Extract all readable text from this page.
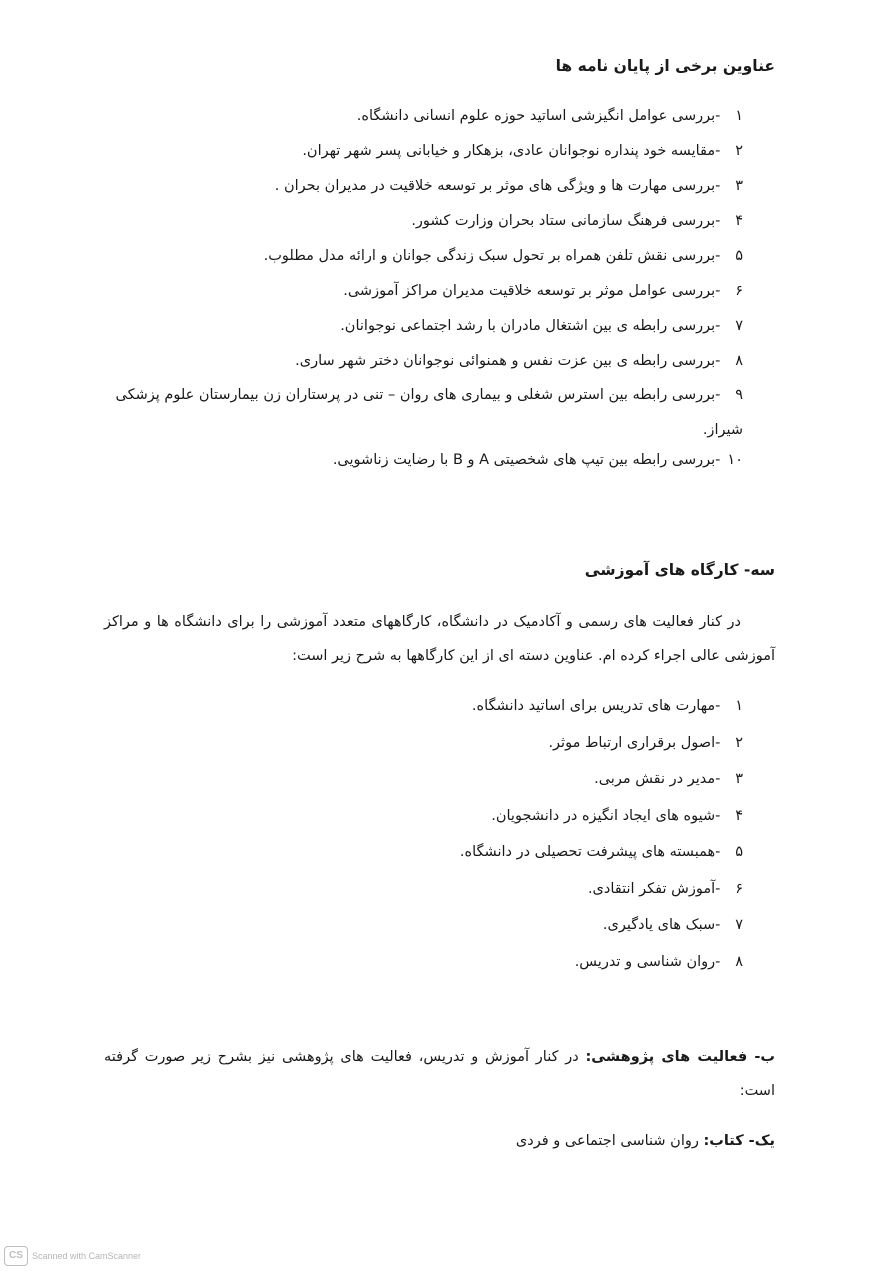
عناوین برخی از پایان نامه ها
۱ -بررسی عوامل انگیزشی اساتید حوزه علوم انسانی دانشگاه.
۲ -مقایسه خود پنداره نوجوانان عادی، بزهکار و خیابانی پسر شهر تهران.
۳ -بررسی مهارت ها و ویژگی های موثر بر توسعه خلاقیت در مدیران بحران .
۴ -بررسی فرهنگ سازمانی ستاد بحران وزارت کشور.
۵ -بررسی نقش تلفن همراه بر تحول سبک زندگی جوانان و ارائه مدل مطلوب.
۶ -بررسی عوامل موثر بر توسعه خلاقیت مدیران مراکز آموزشی.
۷ -بررسی رابطه ی بین اشتغال مادران با رشد اجتماعی نوجوانان.
۸ -بررسی رابطه ی بین عزت نفس و همنوائی نوجوانان دختر شهر ساری.
۹ -بررسی رابطه بین استرس شغلی و بیماری های روان – تنی در پرستاران زن بیمارستان علوم پزشکی شیراز.
۱۰ -بررسی رابطه بین تیپ های شخصیتی A و B با رضایت زناشویی.
سه- کارگاه های آموزشی

در کنار فعالیت های رسمی و آکادمیک در دانشگاه، کارگاههای متعدد آموزشی را برای دانشگاه ها و مراکز آموزشی عالی اجراء کرده ام. عناوین دسته ای از این کارگاهها به شرح زیر است:

۱ -مهارت های تدریس برای اساتید دانشگاه.
۲ -اصول برقراری ارتباط موثر.
۳ -مدیر در نقش مربی.
۴ -شیوه های ایجاد انگیزه در دانشجویان.
۵ -همبسته های پیشرفت تحصیلی در دانشگاه.
۶ -آموزش تفکر انتقادی.
۷ -سبک های یادگیری.
۸ -روان شناسی و تدریس.

ب- فعالیت های پژوهشی: در کنار آموزش و تدریس، فعالیت های پژوهشی نیز بشرح زیر صورت گرفته است:

یک- کتاب: روان شناسی اجتماعی و فردی

CS	Scanned with CamScanner
